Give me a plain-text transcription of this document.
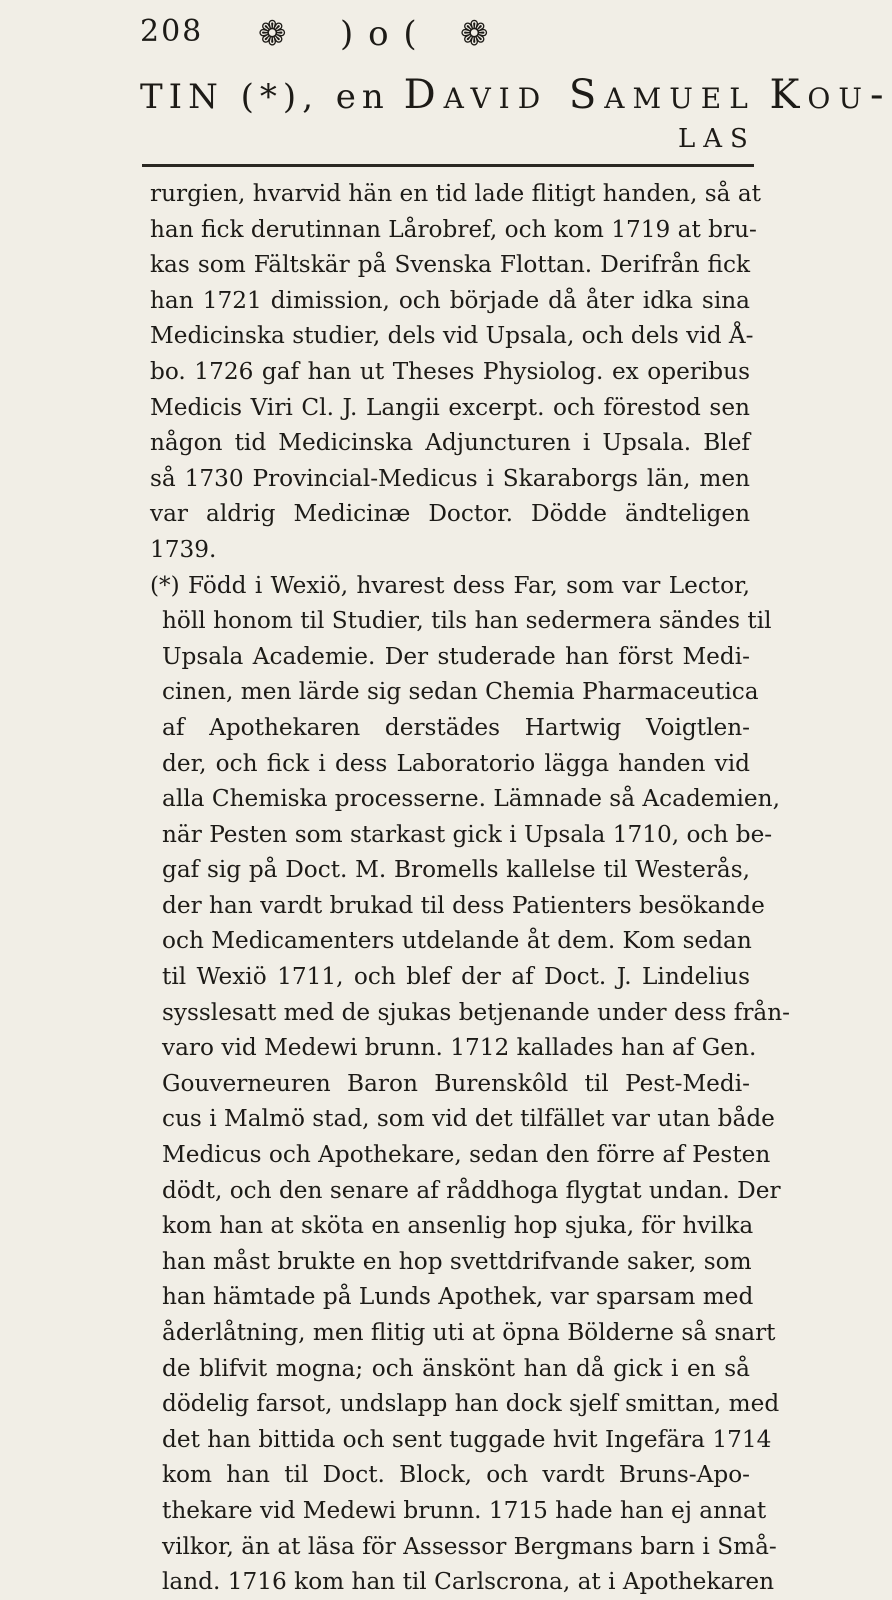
208 ❁ ) o ( ❁
TIN (*), en David Samuel Kou-
LAS
rurgien, hvarvid hän en tid lade flitigt handen, så at
han fick derutinnan Lårobref, och kom 1719 at bru-
kas som Fältskär på Svenska Flottan. Derifrån fick
han 1721 dimission, och började då åter idka sina
Medicinska studier, dels vid Upsala, och dels vid Å-
bo. 1726 gaf han ut Theses Physiolog. ex operibus
Medicis Viri Cl. J. Langii excerpt. och förestod sen
någon tid Medicinska Adjuncturen i Upsala. Blef
så 1730 Provincial-Medicus i Skaraborgs län, men
var aldrig Medicinæ Doctor. Dödde ändteligen
1739.
(*) Född i Wexiö, hvarest dess Far, som var Lector,
höll honom til Studier, tils han sedermera sändes til
Upsala Academie. Der studerade han först Medi-
cinen, men lärde sig sedan Chemia Pharmaceutica
af Apothekaren derstädes Hartwig Voigtlen-
der, och fick i dess Laboratorio lägga handen vid
alla Chemiska processerne. Lämnade så Academien,
när Pesten som starkast gick i Upsala 1710, och be-
gaf sig på Doct. M. Bromells kallelse til Westerås,
der han vardt brukad til dess Patienters besökande
och Medicamenters utdelande åt dem. Kom sedan
til Wexiö 1711, och blef der af Doct. J. Lindelius
sysslesatt med de sjukas betjenande under dess från-
varo vid Medewi brunn. 1712 kallades han af Gen.
Gouverneuren Baron Burenskôld til Pest-Medi-
cus i Malmö stad, som vid det tilfället var utan både
Medicus och Apothekare, sedan den förre af Pesten
dödt, och den senare af råddhoga flygtat undan. Der
kom han at sköta en ansenlig hop sjuka, för hvilka
han måst brukte en hop svettdrifvande saker, som
han hämtade på Lunds Apothek, var sparsam med
åderlåtning, men flitig uti at öpna Bölderne så snart
de blifvit mogna; och änskönt han då gick i en så
dödelig farsot, undslapp han dock sjelf smittan, med
det han bittida och sent tuggade hvit Ingefära 1714
kom han til Doct. Block, och vardt Bruns-Apo-
thekare vid Medewi brunn. 1715 hade han ej annat
vilkor, än at läsa för Assessor Bergmans barn i Små-
land. 1716 kom han til Carlscrona, at i Apothekaren
